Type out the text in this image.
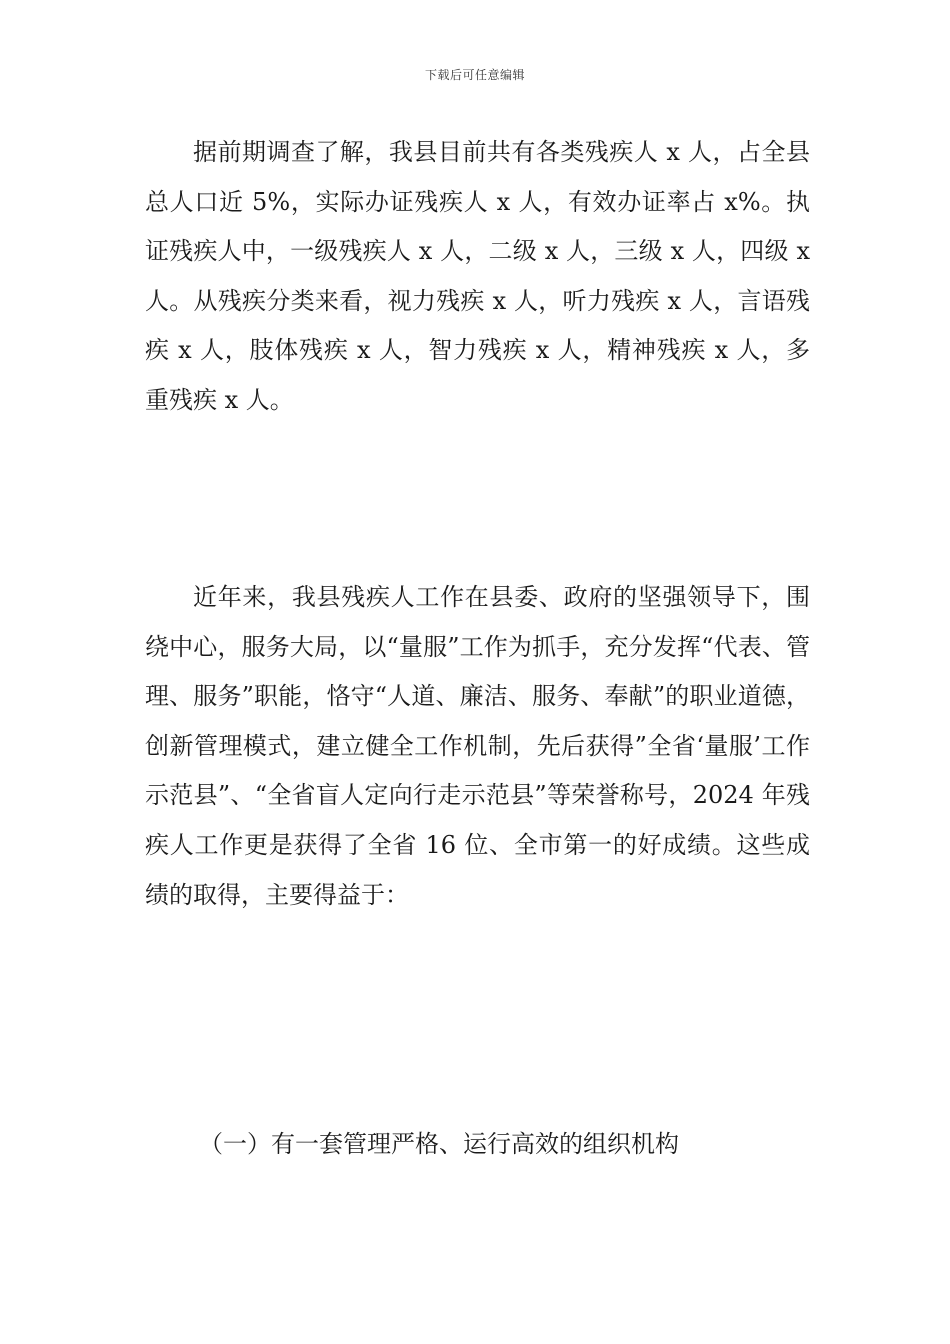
下载后可任意编辑

据前期调查了解，我县目前共有各类残疾人 x 人，占全县总人口近 5%，实际办证残疾人 x 人，有效办证率占 x%。执证残疾人中，一级残疾人 x 人，二级 x 人，三级 x 人，四级 x 人。从残疾分类来看，视力残疾 x 人，听力残疾 x 人，言语残疾 x 人，肢体残疾 x 人，智力残疾 x 人，精神残疾 x 人，多重残疾 x 人。

近年来，我县残疾人工作在县委、政府的坚强领导下，围绕中心，服务大局，以“量服”工作为抓手，充分发挥“代表、管理、服务”职能，恪守“人道、廉洁、服务、奉献”的职业道德，创新管理模式，建立健全工作机制，先后获得”全省‘量服’工作示范县”、“全省盲人定向行走示范县”等荣誉称号，2024 年残疾人工作更是获得了全省 16 位、全市第一的好成绩。这些成绩的取得，主要得益于：

（一）有一套管理严格、运行高效的组织机构
